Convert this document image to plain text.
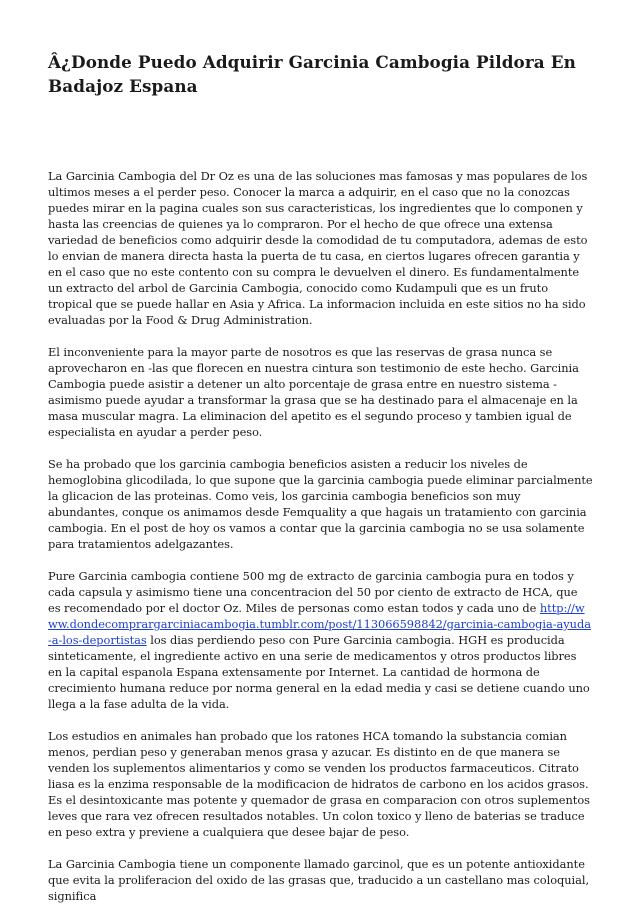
Â¿Donde Puedo Adquirir Garcinia Cambogia Pildora En Badajoz Espana

La Garcinia Cambogia del Dr Oz es una de las soluciones mas famosas y mas populares de los ultimos meses a el perder peso. Conocer la marca a adquirir, en el caso que no la conozcas puedes mirar en la pagina cuales son sus caracteristicas, los ingredientes que lo componen y hasta las creencias de quienes ya lo compraron. Por el hecho de que ofrece una extensa variedad de beneficios como adquirir desde la comodidad de tu computadora, ademas de esto lo envian de manera directa hasta la puerta de tu casa, en ciertos lugares ofrecen garantia y en el caso que no este contento con su compra le devuelven el dinero. Es fundamentalmente un extracto del arbol de Garcinia Cambogia, conocido como Kudampuli que es un fruto tropical que se puede hallar en Asia y Africa. La informacion incluida en este sitios no ha sido evaluadas por la Food & Drug Administration.

El inconveniente para la mayor parte de nosotros es que las reservas de grasa nunca se aprovecharon en -las que florecen en nuestra cintura son testimonio de este hecho. Garcinia Cambogia puede asistir a detener un alto porcentaje de grasa entre en nuestro sistema -asimismo puede ayudar a transformar la grasa que se ha destinado para el almacenaje en la masa muscular magra. La eliminacion del apetito es el segundo proceso y tambien igual de especialista en ayudar a perder peso.

Se ha probado que los garcinia cambogia beneficios asisten a reducir los niveles de hemoglobina glicodilada, lo que supone que la garcinia cambogia puede eliminar parcialmente la glicacion de las proteinas. Como veis, los garcinia cambogia beneficios son muy abundantes, conque os animamos desde Femquality a que hagais un tratamiento con garcinia cambogia. En el post de hoy os vamos a contar que la garcinia cambogia no se usa solamente para tratamientos adelgazantes.

Pure Garcinia cambogia contiene 500 mg de extracto de garcinia cambogia pura en todos y cada capsula y asimismo tiene una concentracion del 50 por ciento de extracto de HCA, que es recomendado por el doctor Oz. Miles de personas como estan todos y cada uno de http://www.dondecomprargarciniacambogia.tumblr.com/post/113066598842/garcinia-cambogia-ayuda-a-los-deportistas los dias perdiendo peso con Pure Garcinia cambogia. HGH es producida sinteticamente, el ingrediente activo en una serie de medicamentos y otros productos libres en la capital espanola Espana extensamente por Internet. La cantidad de hormona de crecimiento humana reduce por norma general en la edad media y casi se detiene cuando uno llega a la fase adulta de la vida.

Los estudios en animales han probado que los ratones HCA tomando la substancia comian menos, perdian peso y generaban menos grasa y azucar. Es distinto en de que manera se venden los suplementos alimentarios y como se venden los productos farmaceuticos. Citrato liasa es la enzima responsable de la modificacion de hidratos de carbono en los acidos grasos. Es el desintoxicante mas potente y quemador de grasa en comparacion con otros suplementos leves que rara vez ofrecen resultados notables. Un colon toxico y lleno de baterias se traduce en peso extra y previene a cualquiera que desee bajar de peso.

La Garcinia Cambogia tiene un componente llamado garcinol, que es un potente antioxidante que evita la proliferacion del oxido de las grasas que, traducido a un castellano mas coloquial, significa
